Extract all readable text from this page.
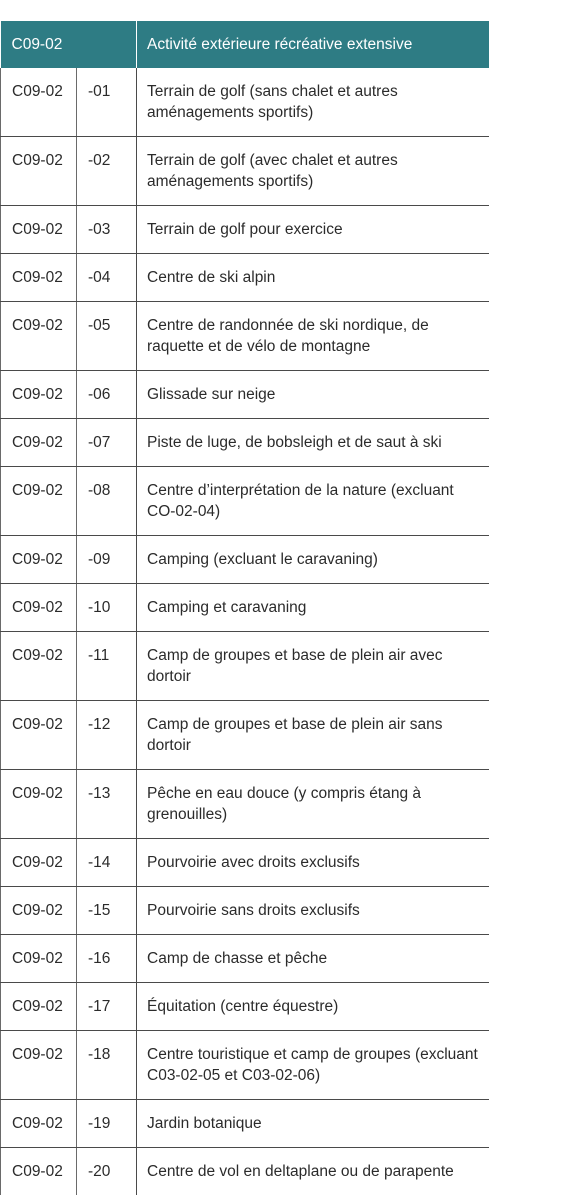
C09-02		Activité extérieure récréative extensive
C09-02	-01	Terrain de golf (sans chalet et autres aménagements sportifs)
C09-02	-02	Terrain de golf (avec chalet et autres aménagements sportifs)
C09-02	-03	Terrain de golf pour exercice
C09-02	-04	Centre de ski alpin
C09-02	-05	Centre de randonnée de ski nordique, de raquette et de vélo de montagne
C09-02	-06	Glissade sur neige
C09-02	-07	Piste de luge, de bobsleigh et de saut à ski
C09-02	-08	Centre d’interprétation de la nature (excluant CO-02-04)
C09-02	-09	Camping (excluant le caravaning)
C09-02	-10	Camping et caravaning
C09-02	-11	Camp de groupes et base de plein air avec dortoir
C09-02	-12	Camp de groupes et base de plein air sans dortoir
C09-02	-13	Pêche en eau douce (y compris étang à grenouilles)
C09-02	-14	Pourvoirie avec droits exclusifs
C09-02	-15	Pourvoirie sans droits exclusifs
C09-02	-16	Camp de chasse et pêche
C09-02	-17	Équitation (centre équestre)
C09-02	-18	Centre touristique et camp de groupes (excluant C03-02-05 et C03-02-06)
C09-02	-19	Jardin botanique
C09-02	-20	Centre de vol en deltaplane ou de parapente
